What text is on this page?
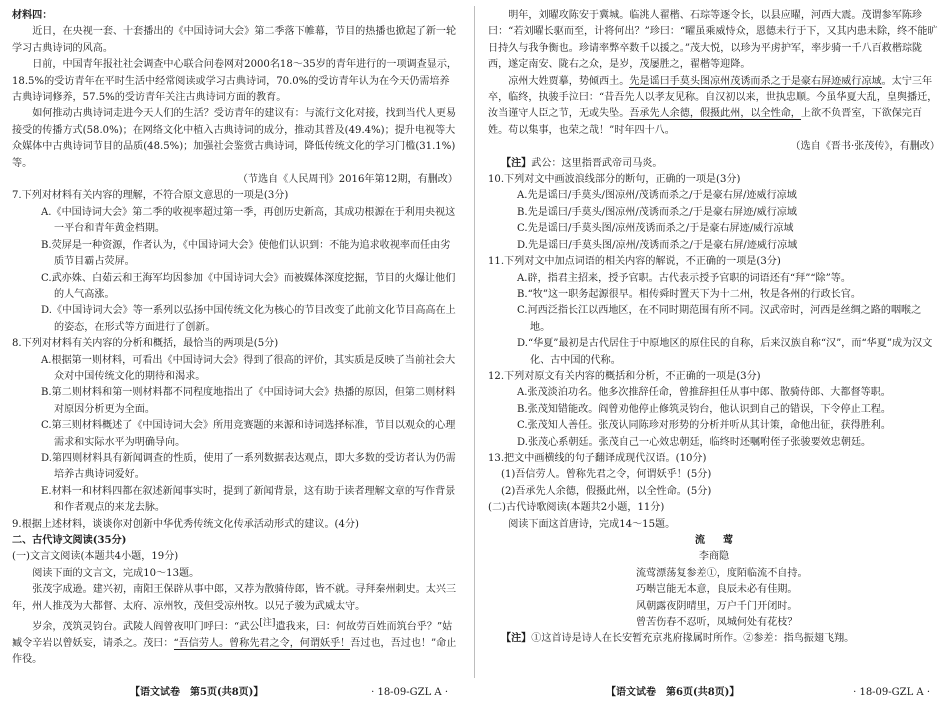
材料四：

近日，在央视一套、十套播出的《中国诗词大会》第二季落下帷幕，节目的热播也掀起了新一轮学习古典诗词的风高。

日前，中国青年报社社会调查中心联合问卷网对2000名18～35岁的青年进行的一项调查显示，18.5%的受访青年在平时生活中经常阅读或学习古典诗词，70.0%的受访青年认为在今天仍需培养古典诗词修养，57.5%的受访青年关注古典诗词方面的教育。

如何推动古典诗词走进今天人们的生活？受访青年的建议有：与流行文化对接，找到当代人更易接受的传播方式(58.0%)；在网络文化中植入古典诗词的成分，推动其普及(49.4%)；提升电视等大众媒体中古典诗词节目的品质(48.5%)；加强社会鉴赏古典诗词，降低传统文化的学习门槛(31.1%)等。

（节选自《人民周刊》2016年第12期，有删改）

7.下列对材料有关内容的理解，不符合原文意思的一项是(3分)

A.《中国诗词大会》第二季的收视率超过第一季，再创历史新高，其成功根源在于利用央视这一平台和青年黄金档期。

B.荧屏是一种资源，作者认为，《中国诗词大会》使他们认识到：不能为追求收视率而任由劣质节目霸占荧屏。

C.武亦姝、白茹云和王海军均因参加《中国诗词大会》而被媒体深度挖掘，节目的火爆让他们的人气高涨。

D.《中国诗词大会》等一系列以弘扬中国传统文化为核心的节目改变了此前文化节目高高在上的姿态，在形式等方面进行了创新。

8.下列对材料有关内容的分析和概括，最恰当的两项是(5分)

A.根据第一则材料，可看出《中国诗词大会》得到了很高的评价，其实质是反映了当前社会大众对中国传统文化的期待和渴求。

B.第二则材料和第一则材料都不同程度地指出了《中国诗词大会》热播的原因，但第二则材料对原因分析更为全面。

C.第三则材料概述了《中国诗词大会》所用竞赛题的来源和诗词选择标准，节目以观众的心理需求和实际水平为明确导向。

D.第四则材料具有新闻调查的性质，使用了一系列数据表达观点，即大多数的受访者认为仍需培养古典诗词爱好。

E.材料一和材料四都在叙述新闻事实时，提到了新闻背景，这有助于读者理解文章的写作背景和作者观点的来龙去脉。

9.根据上述材料，谈谈你对创新中华优秀传统文化传承活动形式的建议。(4分)

二、古代诗文阅读(35分)

(一)文言文阅读(本题共4小题，19分)

阅读下面的文言文，完成10～13题。

张茂字成逊。建兴初，南阳王保辟从事中郎，又荐为散骑侍郎，皆不就。寻拜秦州刺史。太兴三年，州人推茂为大都督、太府、凉州牧，茂但受凉州牧。以兄子骏为武威太守。

岁余，茂筑灵钧台。武陵人阎曾夜叩门呼曰：“武公[注]遣我来，曰：何故劳百姓而筑台乎？”姑臧令辛岩以曾妖妄，请杀之。茂曰：“吾信劳人。曾称先君之令，何谓妖乎！吾过也，吾过也！”命止作役。

明年，刘曜攻陈安于冀城。临洮人翟楷、石琮等逐令长，以县应曜，河西大震。茂谓参军陈珍曰：“若刘曜长驱而至，计将何出？”珍曰：“曜虽乘威恃众，恩德未行于下，又其内患未除，终不能旷日持久与我争衡也。珍请率弊卒数千以援之。”茂大悦，以珍为平虏护军，率步骑一千八百救楷琮陇西，遂定南安、陇右之众，是岁，茂屡胜之，翟楷等迎降。

凉州大姓贾摹，势倾西土。先是谣曰手莫头图凉州茂诱而杀之于是豪右屏迹威行凉域。太宁三年卒，临终，执骏手泣曰：“昔吾先人以孝友见称。自汉初以来，世执忠顺。今虽华夏大乱，皇舆播迁，汝当谨守人臣之节，无或失坠。吾承先人余德，假摄此州，以全性命，上欲不负晋室，下欲保完百姓。苟以集事，也荣之哉！”时年四十八。

（选自《晋书·张茂传》，有删改）

【注】武公：这里指晋武帝司马炎。

10.下列对文中画波浪线部分的断句，正确的一项是(3分)

A.先是谣曰/手莫头/图凉州/茂诱而杀之/于是豪右屏/迹威行凉域

B.先是谣曰/手莫头/图凉州/茂诱而杀之/于是豪右屏迹/威行凉域

C.先是谣曰/手莫头图/凉州茂诱而杀之/于是豪右屏迹/威行凉域

D.先是谣曰/手莫头图/凉州/茂诱而杀之/于是豪右屏/迹威行凉域

11.下列对文中加点词语的相关内容的解说，不正确的一项是(3分)

A.辟，指君主招来，授予官职。古代表示授予官职的词语还有“拜”“除”等。

B.“牧”这一职务起源很早。相传舜时置天下为十二州，牧是各州的行政长官。

C.河西泛指长江以西地区，在不同时期范围有所不同。汉武帝时，河西是丝绸之路的咽喉之地。

D.“华夏”最初是古代居住于中原地区的原住民的自称，后来汉族自称“汉”，而“华夏”成为汉文化、古中国的代称。

12.下列对原文有关内容的概括和分析，不正确的一项是(3分)

A.张茂淡泊功名。他多次推辞任命，曾推辞担任从事中郎、散骑侍郎、大都督等职。

B.张茂知错能改。阎曾劝他停止修筑灵钧台，他认识到自己的错误，下令停止工程。

C.张茂知人善任。张茂认同陈珍对形势的分析并听从其计策，命他出征，获得胜利。

D.张茂心系朝廷。张茂自己一心效忠朝廷，临终时还嘱咐侄子张骏要效忠朝廷。

13.把文中画横线的句子翻译成现代汉语。(10分)

(1)吾信劳人。曾称先君之令，何谓妖乎！(5分)

(2)吾承先人余德，假摄此州，以全性命。(5分)

(二)古代诗歌阅读(本题共2小题，11分)

阅读下面这首唐诗，完成14～15题。

流莺

李商隐

流莺漂荡复参差①，度陌临流不自持。

巧啭岂能无本意，良辰未必有佳期。

风朝露夜阴晴里，万户千门开闭时。

曾苦伤春不忍听，凤城何处有花枝？

【注】①这首诗是诗人在长安暂充京兆府掾属时所作。②参差：指鸟振翅飞翔。

【语文试卷　第5页(共8页)】	· 18-09-GZL A ·	【语文试卷　第6页(共8页)】	· 18-09-GZL A ·
